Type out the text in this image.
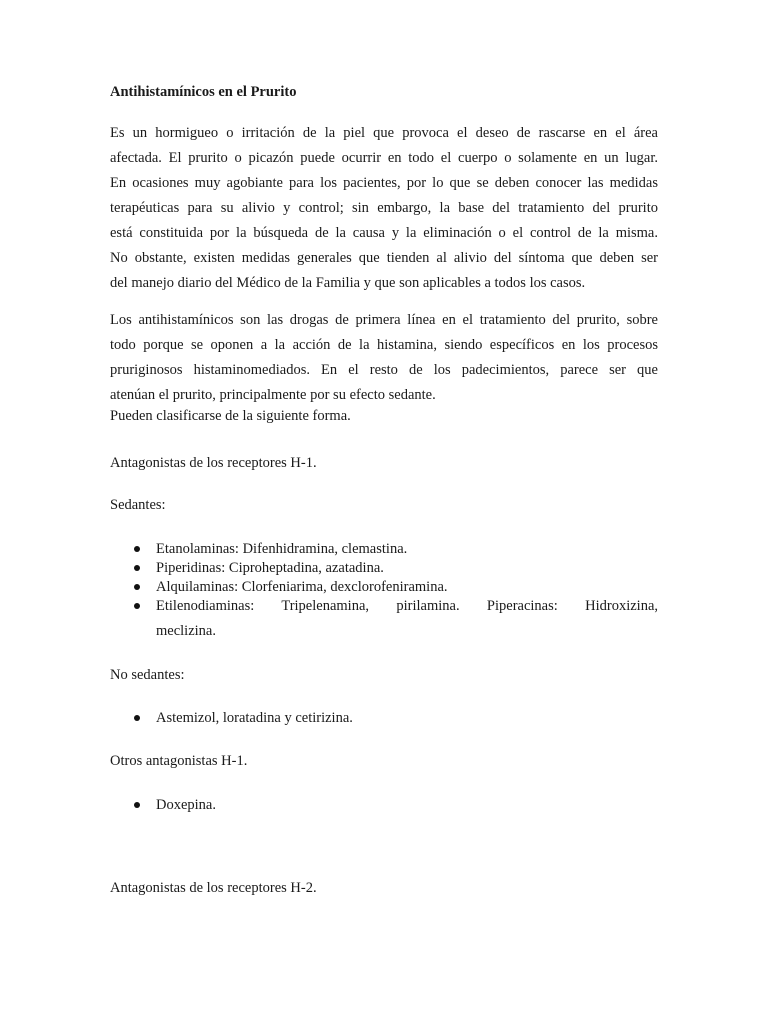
Antihistamínicos en el Prurito

Es un hormigueo o irritación de la piel que provoca el deseo de rascarse en el área
afectada. El prurito o picazón puede ocurrir en todo el cuerpo o solamente en un lugar.
En ocasiones muy agobiante para los pacientes, por lo que se deben conocer las medidas
terapéuticas para su alivio y control; sin embargo, la base del tratamiento del prurito
está constituida por la búsqueda de la causa y la eliminación o el control de la misma.
No obstante, existen medidas generales que tienden al alivio del síntoma que deben ser
del manejo diario del Médico de la Familia y que son aplicables a todos los casos.

Los antihistamínicos son las drogas de primera línea en el tratamiento del prurito, sobre
todo porque se oponen a la acción de la histamina, siendo específicos en los procesos
pruriginosos histaminomediados. En el resto de los padecimientos, parece ser que
atenúan el prurito, principalmente por su efecto sedante.
Pueden clasificarse de la siguiente forma.

Antagonistas de los receptores H-1.

Sedantes:

Etanolaminas: Difenhidramina, clemastina.
Piperidinas: Ciproheptadina, azatadina.
Alquilaminas: Clorfeniarima, dexclorofeniramina.
Etilenodiaminas: Tripelenamina, pirilamina. Piperacinas: Hidroxizina,
meclizina.

No sedantes:

Astemizol, loratadina y cetirizina.

Otros antagonistas H-1.

Doxepina.

Antagonistas de los receptores H-2.
